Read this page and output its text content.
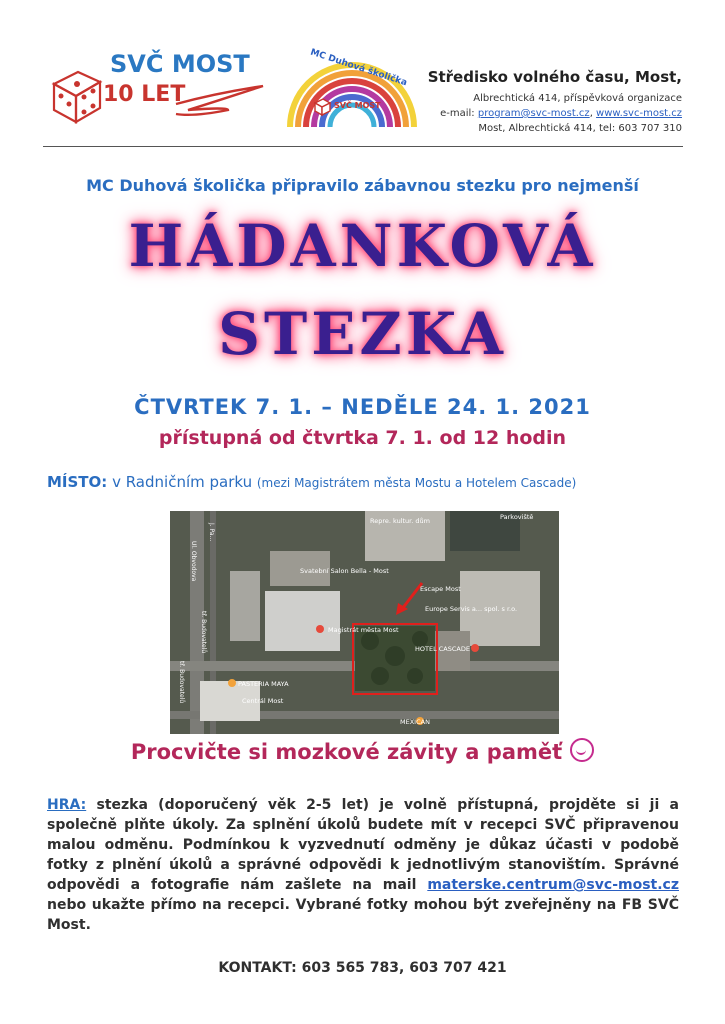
SVČ MOST
10 LET
MC Duhová školička
SVČ MOST
Středisko volného času, Most,
Albrechtická 414, příspěvková organizace
e-mail: program@svc-most.cz, www.svc-most.cz
Most, Albrechtická 414, tel: 603 707 310
MC Duhová školička připravilo zábavnou stezku pro nejmenší
HÁDANKOVÁ
STEZKA
ČTVRTEK 7. 1. – NEDĚLE 24. 1. 2021
přístupná od čtvrtka 7. 1. od 12 hodin
MÍSTO: v Radničním parku (mezi Magistrátem města Mostu a Hotelem Cascade)
Repre. kultur. dům	Parkoviště
Svatební Salon Bella - Most
Escape Most
Europe Servis a... spol. s r.o.
Magistrát města Most
HOTEL CASCADE
PASTERIA MAYA
Centrál Most
MEXICAN
J. Pa...
Ul. Obvodova
tř. Budovatelů
tř. Budovatelů
Procvičte si mozkové závity a paměť
HRA: stezka (doporučený věk 2-5 let) je volně přístupná, projděte si ji a společně plňte úkoly. Za splnění úkolů budete mít v recepci SVČ připravenou malou odměnu. Podmínkou k vyzvednutí odměny je důkaz účasti v podobě fotky z plnění úkolů a správné odpovědi k jednotlivým stanovištím. Správné odpovědi a fotografie nám zašlete na mail materske.centrum@svc-most.cz nebo ukažte přímo na recepci. Vybrané fotky mohou být zveřejněny na FB SVČ Most.
KONTAKT: 603 565 783, 603 707 421
